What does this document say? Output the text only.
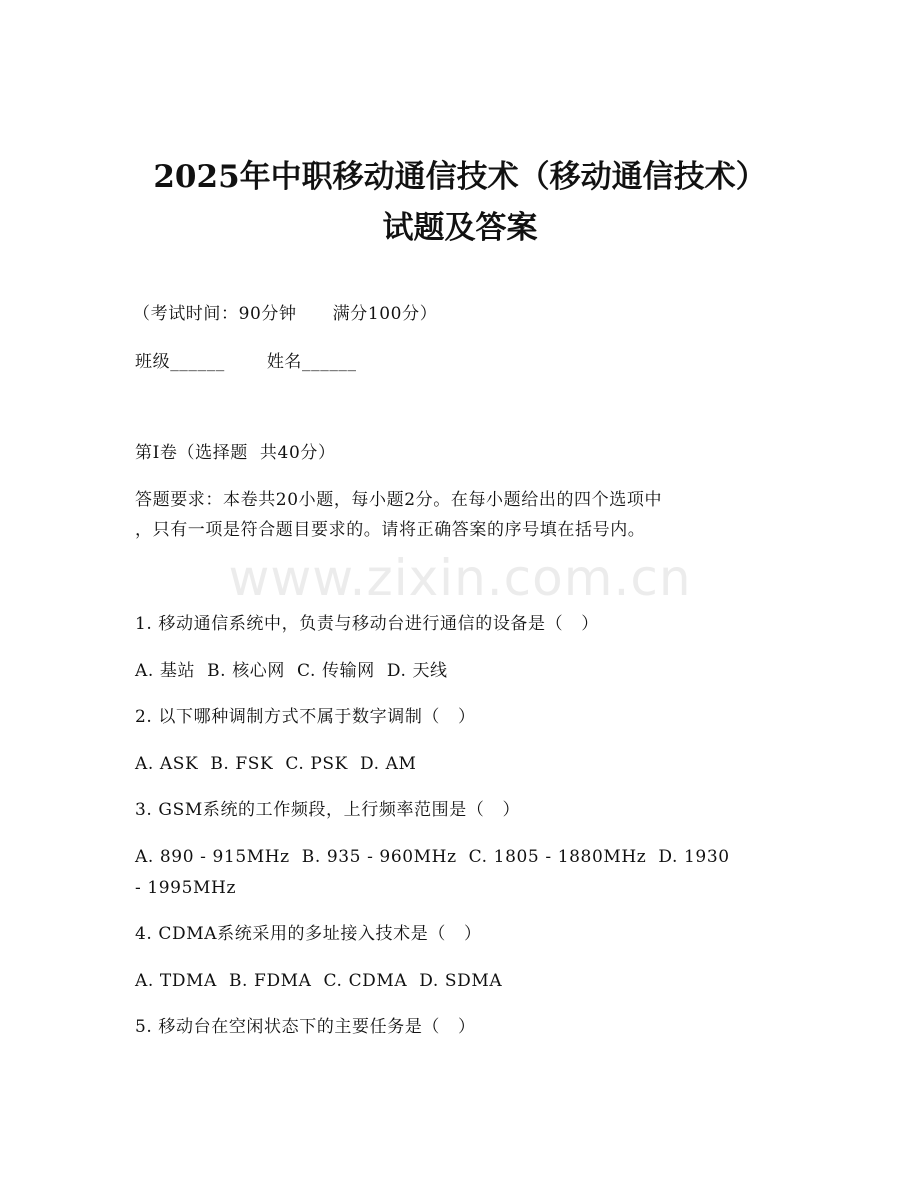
2025年中职移动通信技术（移动通信技术）
试题及答案
（考试时间：90分钟      满分100分）
班级______       姓名______
第I卷（选择题  共40分）
答题要求：本卷共20小题，每小题2分。在每小题给出的四个选项中
，只有一项是符合题目要求的。请将正确答案的序号填在括号内。
www.zixin.com.cn
1. 移动通信系统中，负责与移动台进行通信的设备是（   ）
A. 基站  B. 核心网  C. 传输网  D. 天线
2. 以下哪种调制方式不属于数字调制（   ）
A. ASK  B. FSK  C. PSK  D. AM
3. GSM系统的工作频段，上行频率范围是（   ）
A. 890 - 915MHz  B. 935 - 960MHz  C. 1805 - 1880MHz  D. 1930
- 1995MHz
4. CDMA系统采用的多址接入技术是（   ）
A. TDMA  B. FDMA  C. CDMA  D. SDMA
5. 移动台在空闲状态下的主要任务是（   ）
